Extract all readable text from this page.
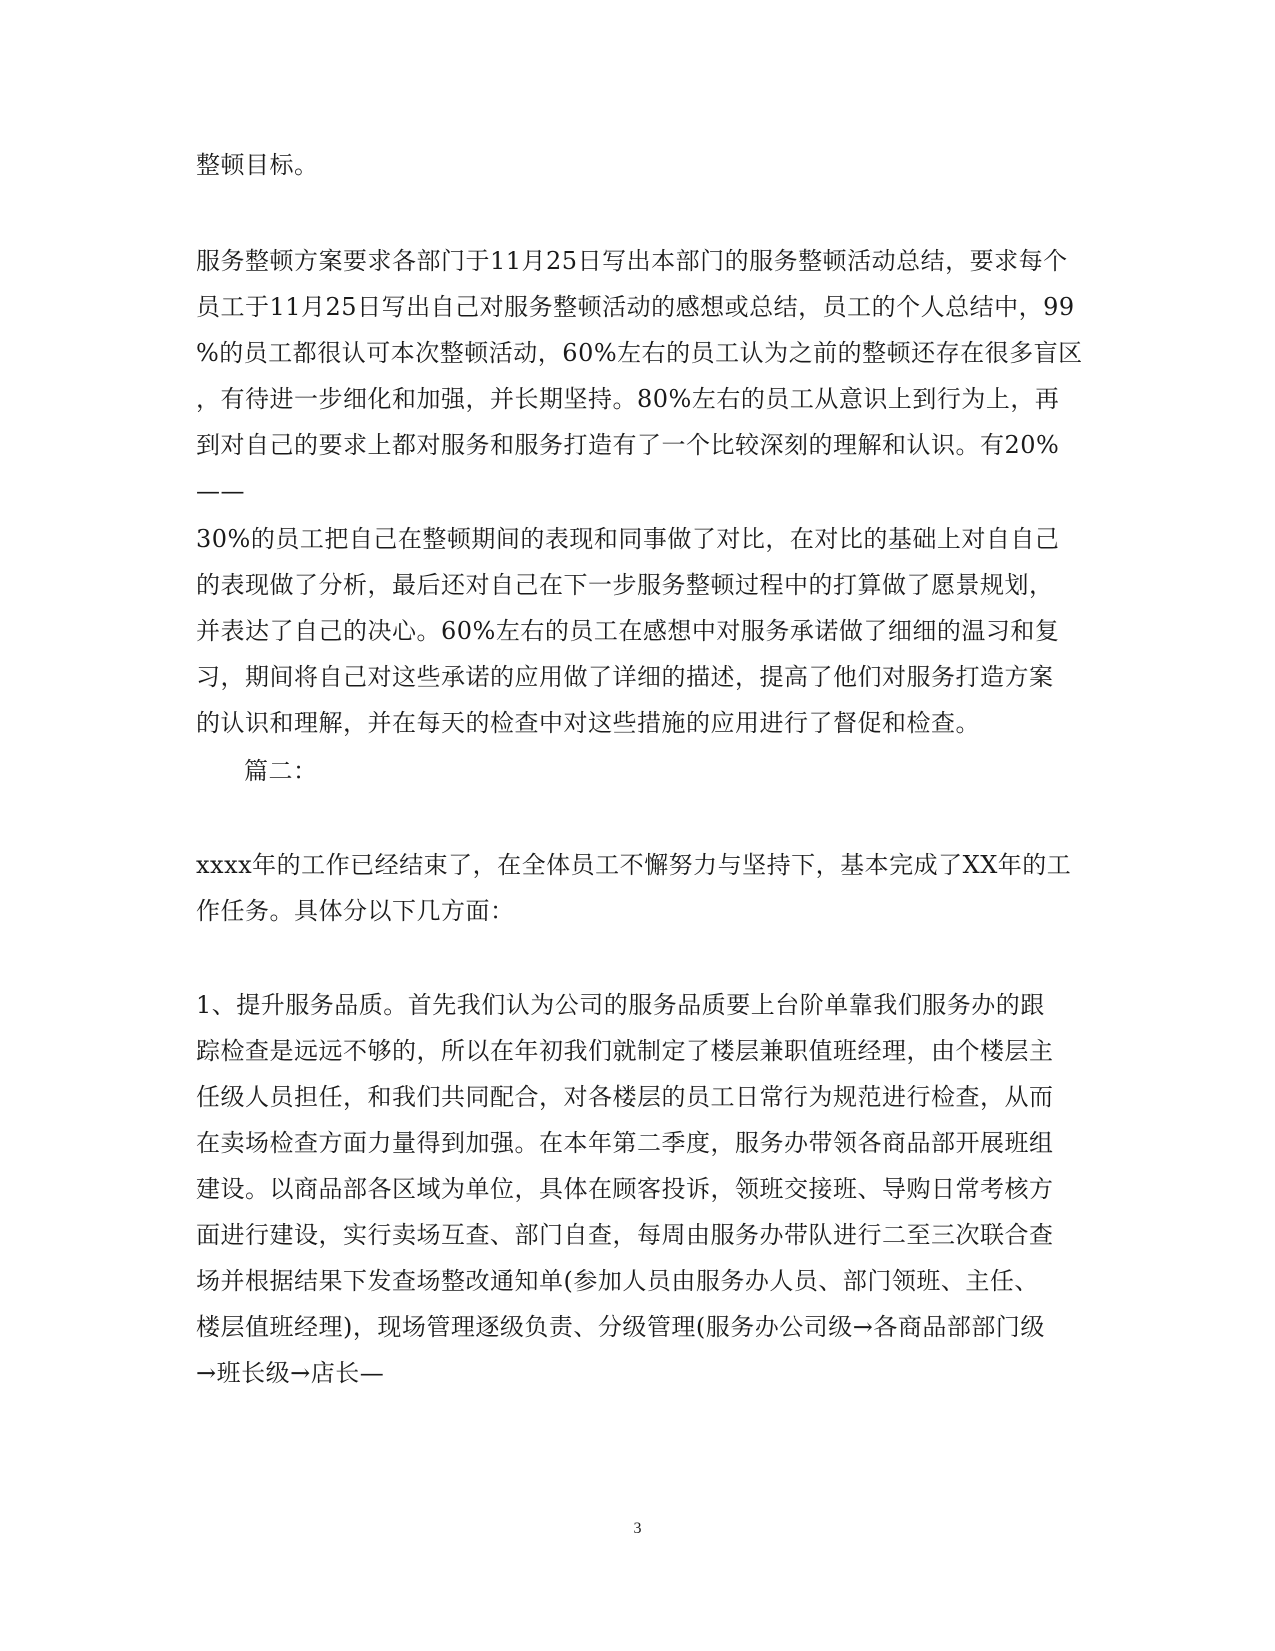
整顿目标。
服务整顿方案要求各部门于11月25日写出本部门的服务整顿活动总结，要求每个
员工于11月25日写出自己对服务整顿活动的感想或总结，员工的个人总结中，99
%的员工都很认可本次整顿活动，60%左右的员工认为之前的整顿还存在很多盲区
，有待进一步细化和加强，并长期坚持。80%左右的员工从意识上到行为上，再
到对自己的要求上都对服务和服务打造有了一个比较深刻的理解和认识。有20%
——
30%的员工把自己在整顿期间的表现和同事做了对比，在对比的基础上对自自己
的表现做了分析，最后还对自己在下一步服务整顿过程中的打算做了愿景规划，
并表达了自己的决心。60%左右的员工在感想中对服务承诺做了细细的温习和复
习，期间将自己对这些承诺的应用做了详细的描述，提高了他们对服务打造方案
的认识和理解，并在每天的检查中对这些措施的应用进行了督促和检查。
篇二：
xxxx年的工作已经结束了，在全体员工不懈努力与坚持下，基本完成了XX年的工
作任务。具体分以下几方面：
1、提升服务品质。首先我们认为公司的服务品质要上台阶单靠我们服务办的跟
踪检查是远远不够的，所以在年初我们就制定了楼层兼职值班经理，由个楼层主
任级人员担任，和我们共同配合，对各楼层的员工日常行为规范进行检查，从而
在卖场检查方面力量得到加强。在本年第二季度，服务办带领各商品部开展班组
建设。以商品部各区域为单位，具体在顾客投诉，领班交接班、导购日常考核方
面进行建设，实行卖场互查、部门自查，每周由服务办带队进行二至三次联合查
场并根据结果下发查场整改通知单(参加人员由服务办人员、部门领班、主任、
楼层值班经理)，现场管理逐级负责、分级管理(服务办公司级→各商品部部门级
→班长级→店长—
3
